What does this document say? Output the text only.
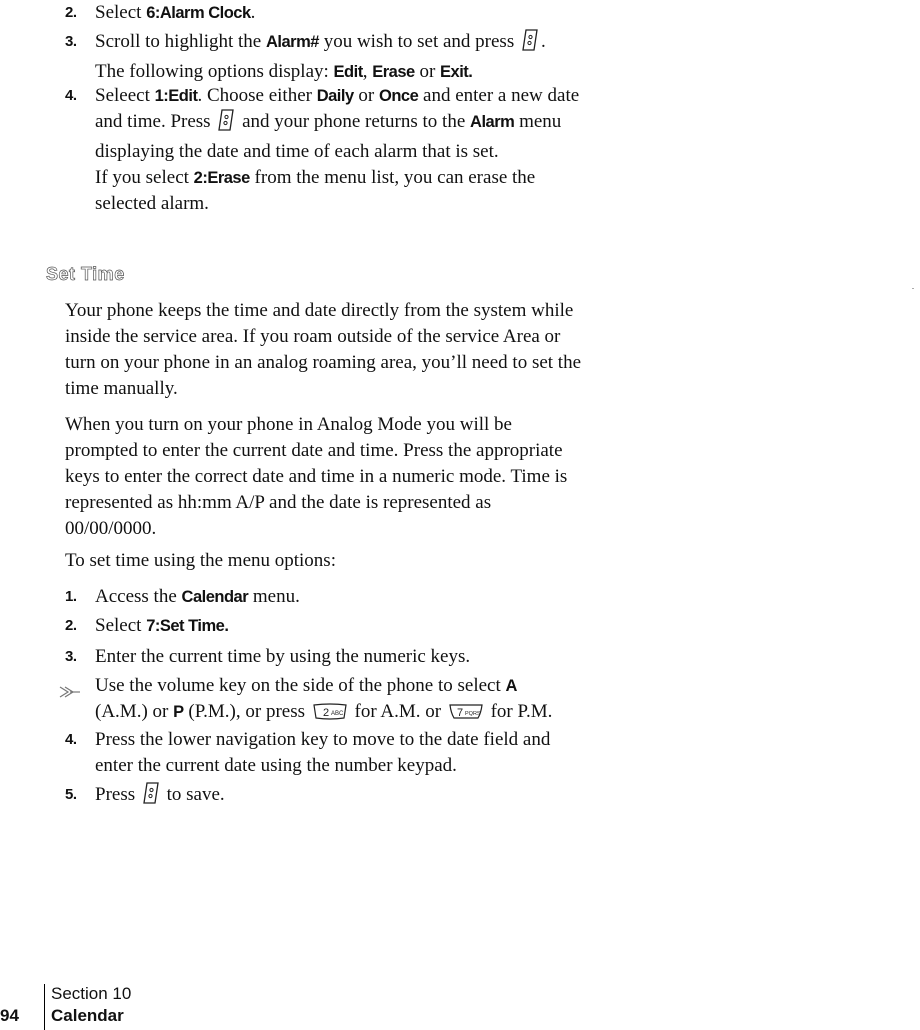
2. Select 6:Alarm Clock.
3. Scroll to highlight the Alarm# you wish to set and press .
The following options display: Edit, Erase or Exit.
4. Seleect 1:Edit. Choose either Daily or Once and enter a new date and time. Press  and your phone returns to the Alarm menu displaying the date and time of each alarm that is set.
If you select 2:Erase from the menu list, you can erase the selected alarm.
Set Time
Your phone keeps the time and date directly from the system while inside the service area. If you roam outside of the service Area or turn on your phone in an analog roaming area, you’ll need to set the time manually.
When you turn on your phone in Analog Mode you will be prompted to enter the current date and time. Press the appropriate keys to enter the correct date and time in a numeric mode. Time is represented as hh:mm A/P and the date is represented as 00/00/0000.
To set time using the menu options:
1. Access the Calendar menu.
2. Select 7:Set Time.
3. Enter the current time by using the numeric keys.
Use the volume key on the side of the phone to select A
(A.M.) or P (P.M.), or press 2 ABC for A.M. or 7 PQRS for P.M.
4. Press the lower navigation key to move to the date field and enter the current date using the number keypad.
5. Press  to save.
94
Section 10
Calendar
